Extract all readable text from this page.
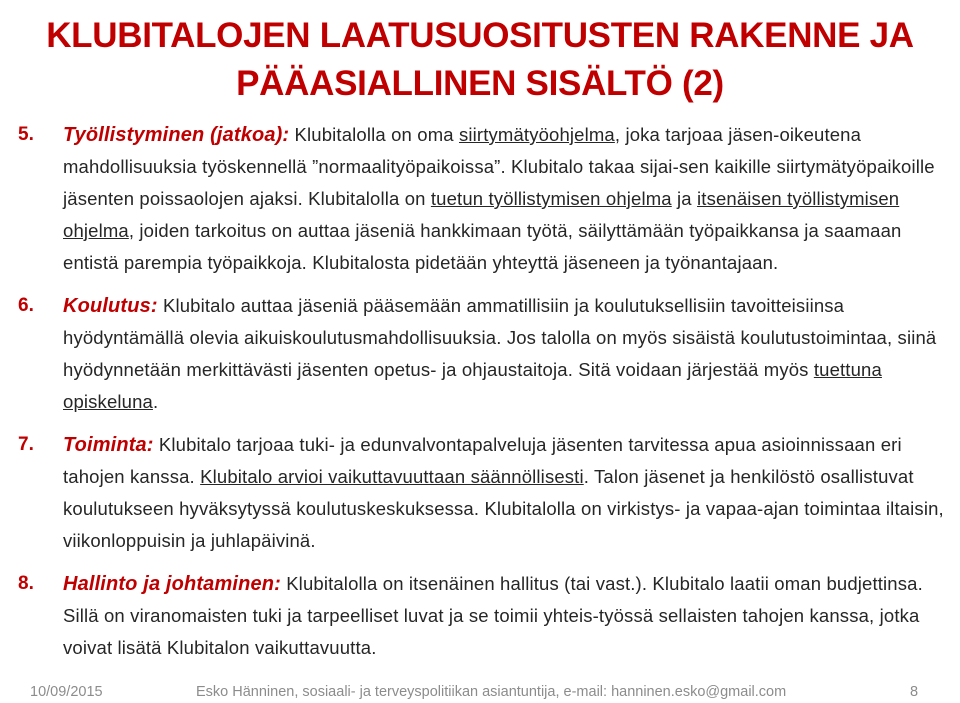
KLUBITALOJEN LAATUSUOSITUSTEN RAKENNE JA
PÄÄASIALLINEN SISÄLTÖ (2)
5. Työllistyminen (jatkoa): Klubitalolla on oma siirtymätyöohjelma, joka tarjoaa jäsen-oikeutena mahdollisuuksia työskennellä ”normaalityöpaikoissa”. Klubitalo takaa sijai-sen kaikille siirtymätyöpaikoille jäsenten poissaolojen ajaksi. Klubitalolla on tuetun työllistymisen ohjelma ja itsenäisen työllistymisen ohjelma, joiden tarkoitus on auttaa jäseniä hankkimaan työtä, säilyttämään työpaikkansa ja saamaan entistä parempia työpaikkoja. Klubitalosta pidetään yhteyttä jäseneen ja työnantajaan.
6. Koulutus: Klubitalo auttaa jäseniä pääsemään ammatillisiin ja koulutuksellisiin tavoitteisiinsa hyödyntämällä olevia aikuiskoulutusmahdollisuuksia. Jos talolla on myös sisäistä koulutustoimintaa, siinä hyödynnetään merkittävästi jäsenten opetus- ja ohjaustaitoja. Sitä voidaan järjestää myös tuettuna opiskeluna.
7. Toiminta: Klubitalo tarjoaa tuki- ja edunvalvontapalveluja jäsenten tarvitessa apua asioinnissaan eri tahojen kanssa. Klubitalo arvioi vaikuttavuuttaan säännöllisesti. Talon jäsenet ja henkilöstö osallistuvat koulutukseen hyväksytyssä koulutuskeskuksessa. Klubitalolla on virkistys- ja vapaa-ajan toimintaa iltaisin, viikonloppuisin ja juhlapäivinä.
8. Hallinto ja johtaminen: Klubitalolla on itsenäinen hallitus (tai vast.). Klubitalo laatii oman budjettinsa. Sillä on viranomaisten tuki ja tarpeelliset luvat ja se toimii yhteis-työssä sellaisten tahojen kanssa, jotka voivat lisätä Klubitalon vaikuttavuutta.
10/09/2015	Esko Hänninen, sosiaali- ja terveyspolitiikan asiantuntija, e-mail: hanninen.esko@gmail.com	8
